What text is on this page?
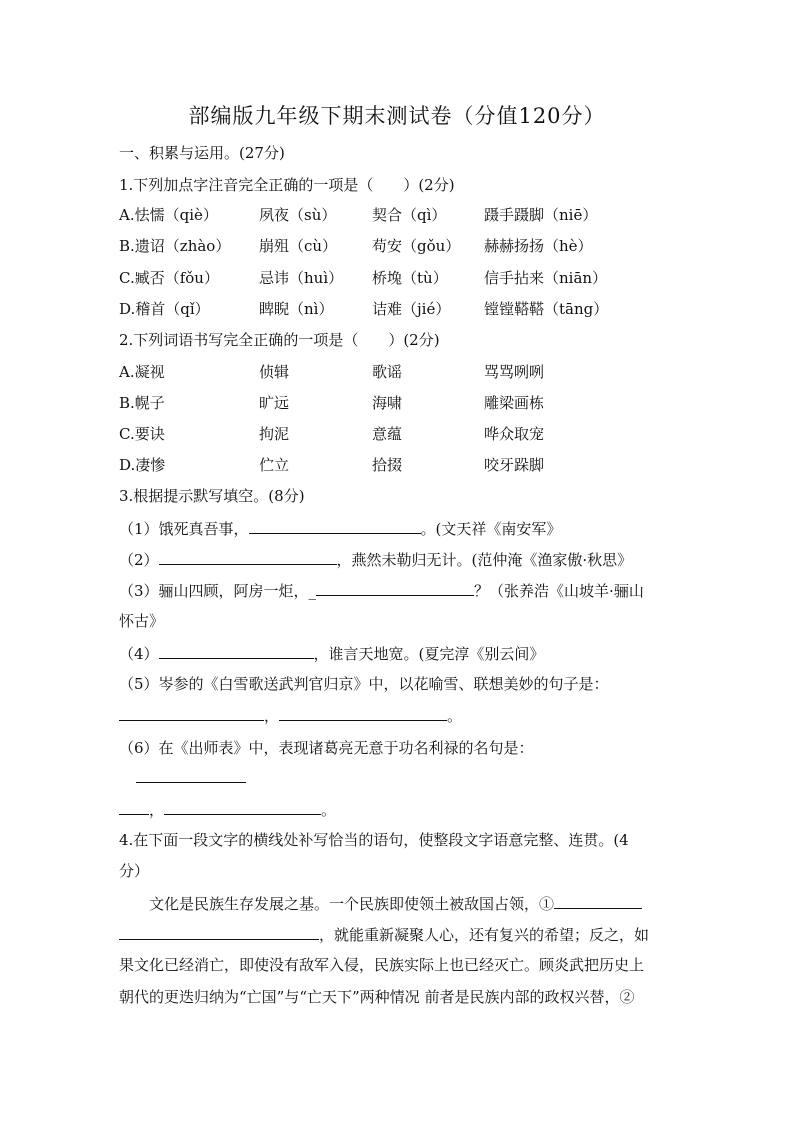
部编版九年级下期末测试卷（分值120分）
一、积累与运用。(27分)
1.下列加点字注音完全正确的一项是（　　）(2分)
A.怯懦（qiè）	夙夜（sù） 契合（qì）	蹑手蹑脚（niē）
B.遗诏（zhào） 崩殂（cù） 苟安（gǒu） 赫赫扬扬（hè）
C.臧否（fǒu）	忌讳（huì） 桥堍（tù） 信手拈来（niān）
D.稽首（qǐ）	睥睨（nì）	诘难（jié） 镗镗鞳鞳（tāng）
2.下列词语书写完全正确的一项是（　　）(2分)
A.凝视	侦辑	歌谣	骂骂咧咧
B.幌子	旷远	海啸	雕梁画栋
C.要诀	拘泥	意蕴	哗众取宠
D.凄惨	伫立	拾掇	咬牙跺脚
3.根据提示默写填空。(8分)
（1）饿死真吾事，	。(文天祥《南安军》
（2）	，燕然未勒归无计。(范仲淹《渔家傲·秋思》
（3）骊山四顾，阿房一炬，_	？（张养浩《山坡羊·骊山
怀古》
（4）	，谁言天地宽。(夏完淳《别云间》
（5）岑参的《白雪歌送武判官归京》中，以花喻雪、联想美妙的句子是：
，	。
（6）在《出师表》中，表现诸葛亮无意于功名利禄的名句是：
，	。
4.在下面一段文字的横线处补写恰当的语句，使整段文字语意完整、连贯。(4
分）
文化是民族生存发展之基。一个民族即使领土被敌国占领，①
，就能重新凝聚人心，还有复兴的希望；反之，如
果文化已经消亡，即使没有敌军入侵，民族实际上也已经灭亡。顾炎武把历史上
朝代的更迭归纳为“亡国”与“亡天下”两种情况 前者是民族内部的政权兴替，②
